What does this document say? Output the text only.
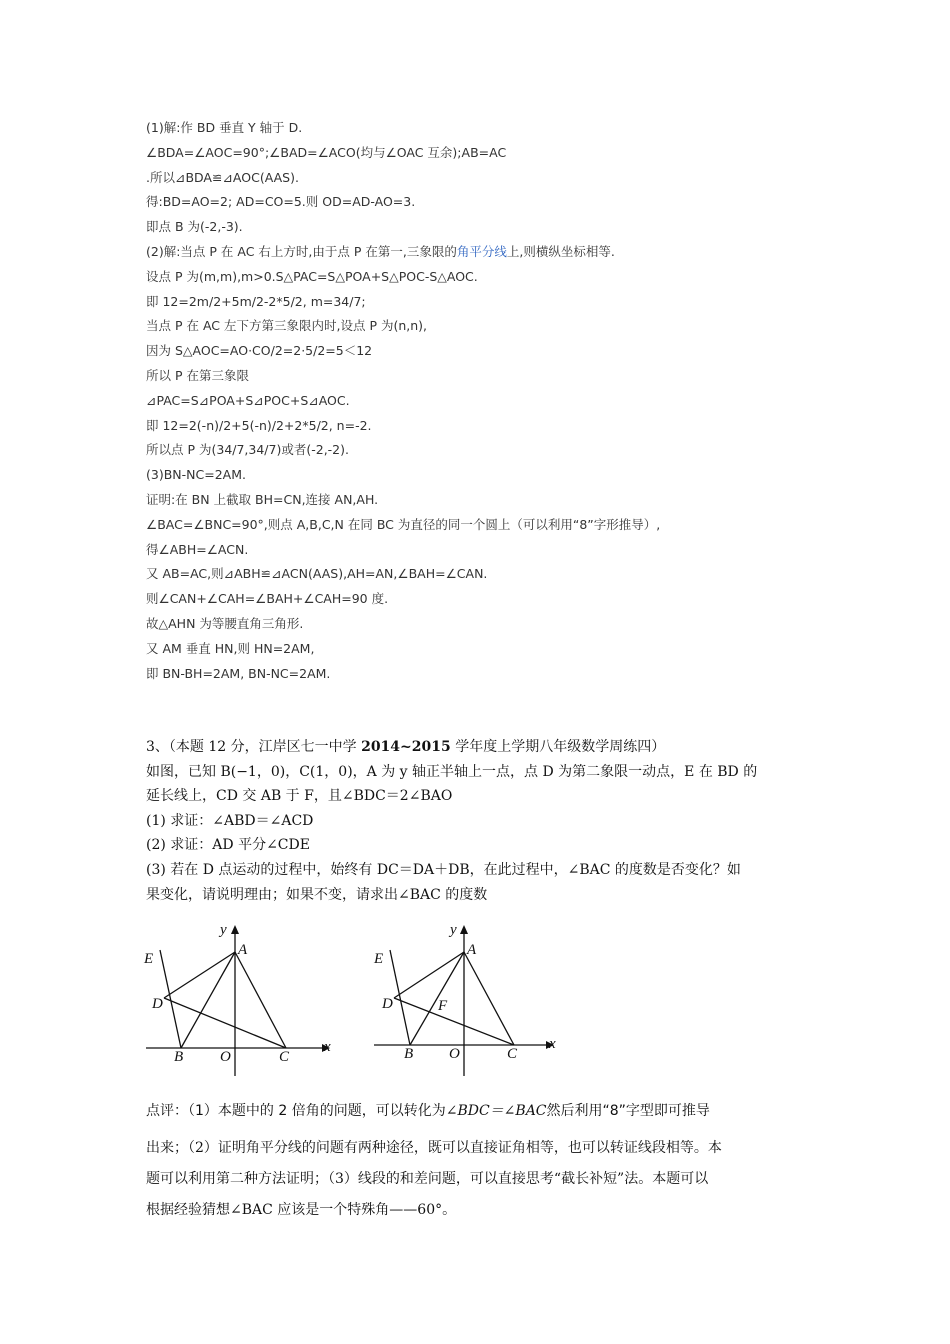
(1)解:作 BD 垂直 Y 轴于 D.
∠BDA=∠AOC=90°;∠BAD=∠ACO(均与∠OAC 互余);AB=AC
.所以⊿BDA≌⊿AOC(AAS).
得:BD=AO=2; AD=CO=5.则 OD=AD-AO=3.
即点 B 为(-2,-3).
(2)解:当点 P 在 AC 右上方时,由于点 P 在第一,三象限的角平分线上,则横纵坐标相等.
设点 P 为(m,m),m>0.S△PAC=S△POA+S△POC-S△AOC.
即 12=2m/2+5m/2-2*5/2, m=34/7;
当点 P 在 AC 左下方第三象限内时,设点 P 为(n,n),
因为 S△AOC=AO·CO/2=2·5/2=5＜12
所以 P 在第三象限
⊿PAC=S⊿POA+S⊿POC+S⊿AOC.
即 12=2(-n)/2+5(-n)/2+2*5/2, n=-2.
所以点 P 为(34/7,34/7)或者(-2,-2).
(3)BN-NC=2AM.
证明:在 BN 上截取 BH=CN,连接 AN,AH.
∠BAC=∠BNC=90°,则点 A,B,C,N 在同 BC 为直径的同一个圆上（可以利用“8”字形推导）,
得∠ABH=∠ACN.
又 AB=AC,则⊿ABH≌⊿ACN(AAS),AH=AN,∠BAH=∠CAN.
则∠CAN+∠CAH=∠BAH+∠CAH=90 度.
故△AHN 为等腰直角三角形.
又 AM 垂直 HN,则 HN=2AM,
即 BN-BH=2AM, BN-NC=2AM.
3、（本题 12 分，江岸区七一中学 2014~2015 学年度上学期八年级数学周练四）
如图，已知 B(−1，0)，C(1，0)，A 为 y 轴正半轴上一点，点 D 为第二象限一动点，E 在 BD 的
延长线上，CD 交 AB 于 F，且∠BDC＝2∠BAO
(1) 求证：∠ABD＝∠ACD
(2) 求证：AD 平分∠CDE
(3) 若在 D 点运动的过程中，始终有 DC＝DA＋DB，在此过程中，∠BAC 的度数是否变化？如
果变化，请说明理由；如果不变，请求出∠BAC 的度数
y
A
E
D
B O	C
x
y
A
E
D	F
B O	C
x
点评：（1）本题中的 2 倍角的问题，可以转化为∠BDC＝∠BAC然后利用“8”字型即可推导
出来；（2）证明角平分线的问题有两种途径，既可以直接证角相等，也可以转证线段相等。本
题可以利用第二种方法证明；（3）线段的和差问题，可以直接思考“截长补短”法。本题可以
根据经验猜想∠BAC 应该是一个特殊角——60°。
